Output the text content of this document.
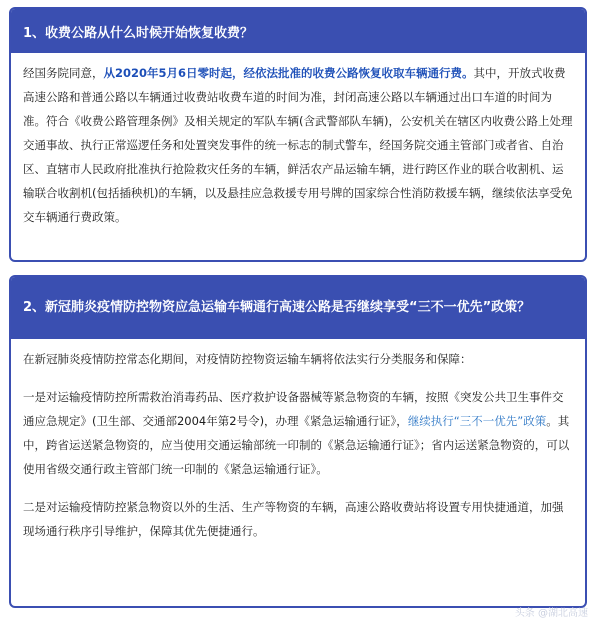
1、收费公路从什么时候开始恢复收费？

经国务院同意，从2020年5月6日零时起，经依法批准的收费公路恢复收取车辆通行费。其中，开放式收费高速公路和普通公路以车辆通过收费站收费车道的时间为准，封闭高速公路以车辆通过出口车道的时间为准。符合《收费公路管理条例》及相关规定的军队车辆(含武警部队车辆)，公安机关在辖区内收费公路上处理交通事故、执行正常巡逻任务和处置突发事件的统一标志的制式警车，经国务院交通主管部门或者省、自治区、直辖市人民政府批准执行抢险救灾任务的车辆，鲜活农产品运输车辆，进行跨区作业的联合收割机、运输联合收割机(包括插秧机)的车辆，以及悬挂应急救援专用号牌的国家综合性消防救援车辆，继续依法享受免交车辆通行费政策。

2、新冠肺炎疫情防控物资应急运输车辆通行高速公路是否继续享受“三不一优先”政策？

在新冠肺炎疫情防控常态化期间，对疫情防控物资运输车辆将依法实行分类服务和保障：

一是对运输疫情防控所需救治消毒药品、医疗救护设备器械等紧急物资的车辆，按照《突发公共卫生事件交通应急规定》(卫生部、交通部2004年第2号令)，办理《紧急运输通行证》，继续执行“三不一优先”政策。其中，跨省运送紧急物资的，应当使用交通运输部统一印制的《紧急运输通行证》；省内运送紧急物资的，可以使用省级交通行政主管部门统一印制的《紧急运输通行证》。

二是对运输疫情防控紧急物资以外的生活、生产等物资的车辆，高速公路收费站将设置专用快捷通道，加强现场通行秩序引导维护，保障其优先便捷通行。

头条 @湖北高速
